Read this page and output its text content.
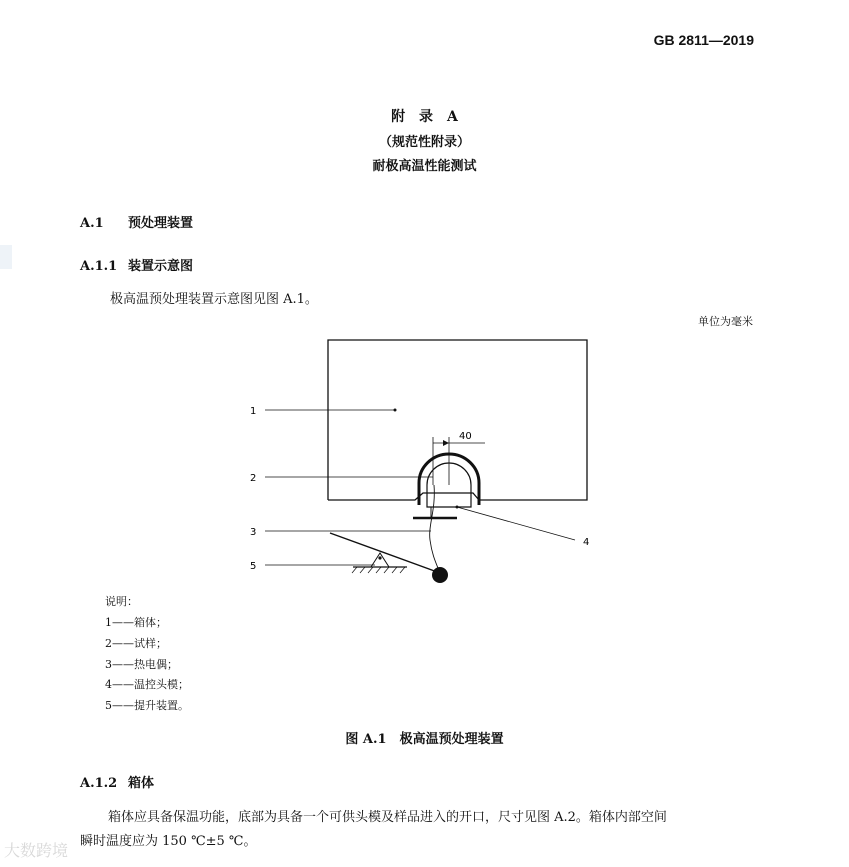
GB 2811—2019
附　录　A
（规范性附录）
耐极高温性能测试
A.1 预处理装置
A.1.1 装置示意图
极高温预处理装置示意图见图 A.1。
单位为毫米
40
1
2
3
4
5
说明：
1——箱体；
2——试样；
3——热电偶；
4——温控头模；
5——提升装置。
图 A.1　极高温预处理装置
A.1.2 箱体
箱体应具备保温功能，底部为具备一个可供头模及样品进入的开口，尺寸见图 A.2。箱体内部空间
瞬时温度应为 150 ℃±5 ℃。
大数跨境
